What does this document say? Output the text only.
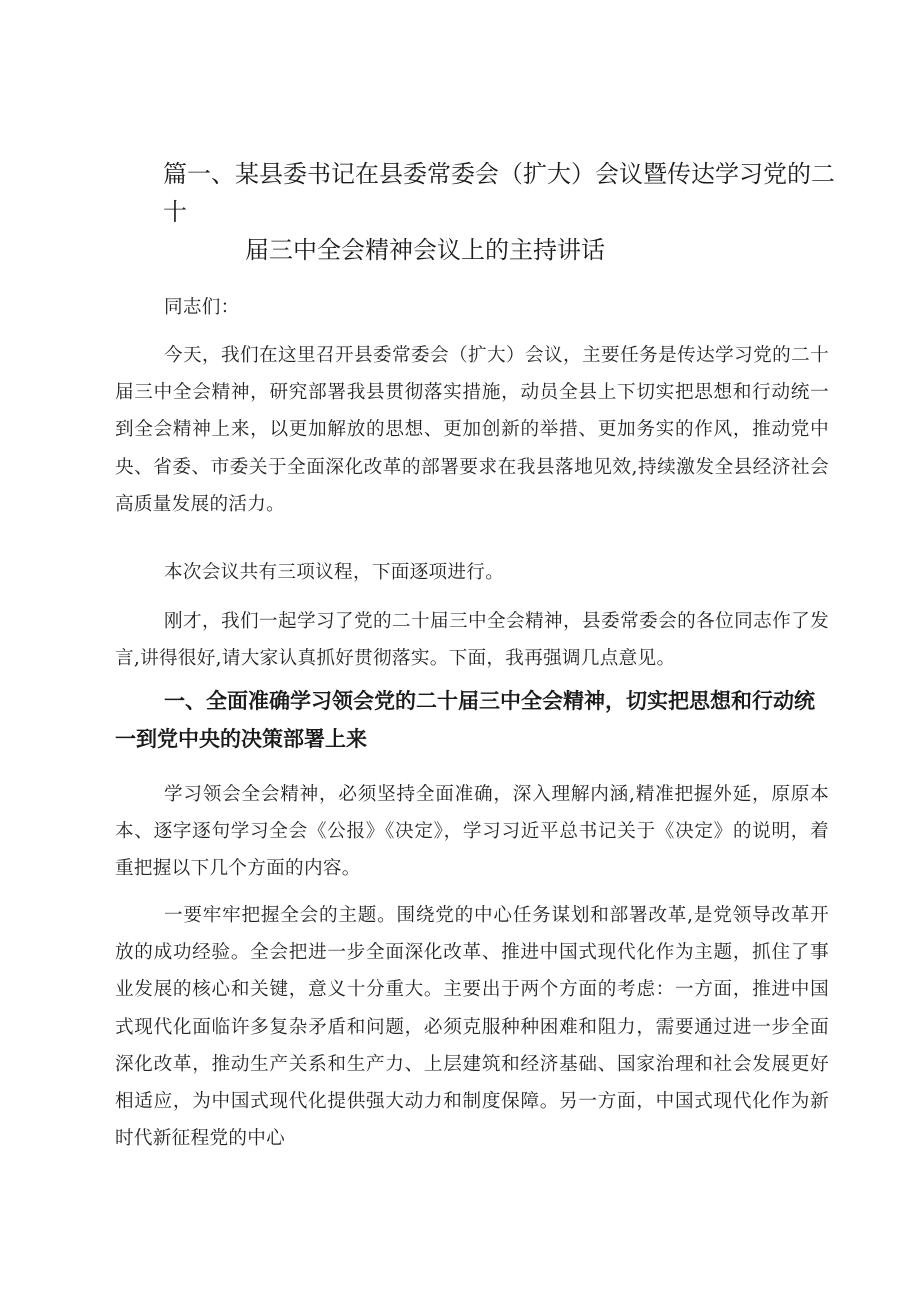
篇一、某县委书记在县委常委会（扩大）会议暨传达学习党的二十
届三中全会精神会议上的主持讲话

同志们：

今天，我们在这里召开县委常委会（扩大）会议，主要任务是传达学习党的二十届三中全会精神，研究部署我县贯彻落实措施，动员全县上下切实把思想和行动统一到全会精神上来，以更加解放的思想、更加创新的举措、更加务实的作风，推动党中央、省委、市委关于全面深化改革的部署要求在我县落地见效,持续激发全县经济社会高质量发展的活力。

本次会议共有三项议程，下面逐项进行。

刚才，我们一起学习了党的二十届三中全会精神，县委常委会的各位同志作了发言,讲得很好,请大家认真抓好贯彻落实。下面，我再强调几点意见。

一、全面准确学习领会党的二十届三中全会精神，切实把思想和行动统一到党中央的决策部署上来

学习领会全会精神，必须坚持全面准确，深入理解内涵,精准把握外延，原原本本、逐字逐句学习全会《公报》《决定》，学习习近平总书记关于《决定》的说明，着重把握以下几个方面的内容。

一要牢牢把握全会的主题。围绕党的中心任务谋划和部署改革,是党领导改革开放的成功经验。全会把进一步全面深化改革、推进中国式现代化作为主题，抓住了事业发展的核心和关键，意义十分重大。主要出于两个方面的考虑：一方面，推进中国式现代化面临许多复杂矛盾和问题，必须克服种种困难和阻力，需要通过进一步全面深化改革，推动生产关系和生产力、上层建筑和经济基础、国家治理和社会发展更好相适应，为中国式现代化提供强大动力和制度保障。另一方面，中国式现代化作为新时代新征程党的中心
